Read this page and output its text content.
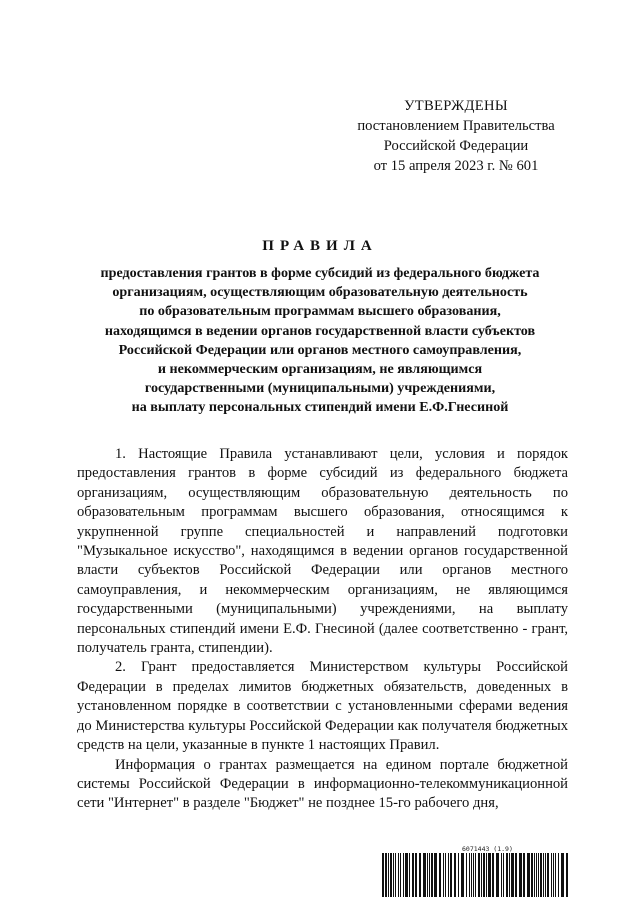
УТВЕРЖДЕНЫ
постановлением Правительства
Российской Федерации
от 15 апреля 2023 г. № 601
ПРАВИЛА
предоставления грантов в форме субсидий из федерального бюджета
организациям, осуществляющим образовательную деятельность
по образовательным программам высшего образования,
находящимся в ведении органов государственной власти субъектов
Российской Федерации или органов местного самоуправления,
и некоммерческим организациям, не являющимся
государственными (муниципальными) учреждениями,
на выплату персональных стипендий имени Е.Ф.Гнесиной

1. Настоящие Правила устанавливают цели, условия и порядок предоставления грантов в форме субсидий из федерального бюджета организациям, осуществляющим образовательную деятельность по образовательным программам высшего образования, относящимся к укрупненной группе специальностей и направлений подготовки "Музыкальное искусство", находящимся в ведении органов государственной власти субъектов Российской Федерации или органов местного самоуправления, и некоммерческим организациям, не являющимся государственными (муниципальными) учреждениями, на выплату персональных стипендий имени Е.Ф. Гнесиной (далее соответственно - грант, получатель гранта, стипендии).

2. Грант предоставляется Министерством культуры Российской Федерации в пределах лимитов бюджетных обязательств, доведенных в установленном порядке в соответствии с установленными сферами ведения до Министерства культуры Российской Федерации как получателя бюджетных средств на цели, указанные в пункте 1 настоящих Правил.

Информация о грантах размещается на едином портале бюджетной системы Российской Федерации в информационно-телекоммуникационной сети "Интернет" в разделе "Бюджет" не позднее 15-го рабочего дня,

6071443 (1.9)
